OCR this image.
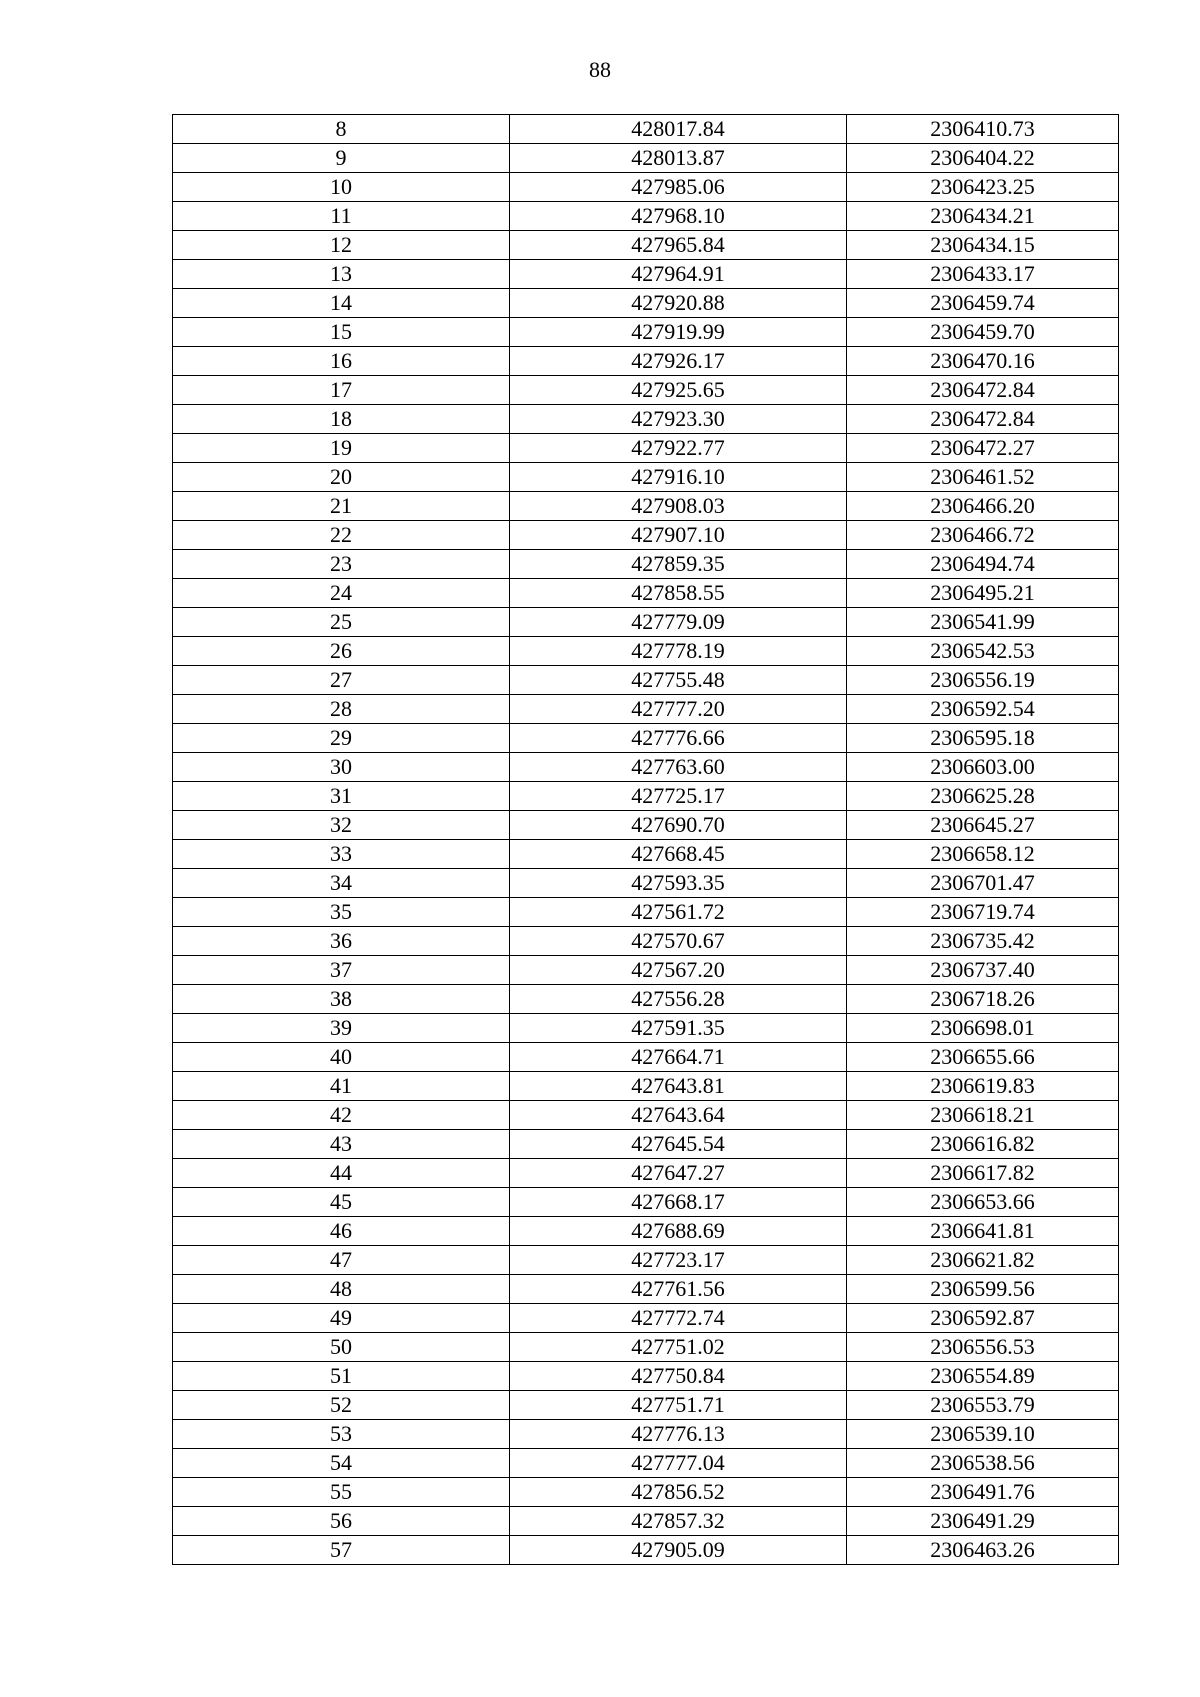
88
8	428017.84	2306410.73
9	428013.87	2306404.22
10	427985.06	2306423.25
11	427968.10	2306434.21
12	427965.84	2306434.15
13	427964.91	2306433.17
14	427920.88	2306459.74
15	427919.99	2306459.70
16	427926.17	2306470.16
17	427925.65	2306472.84
18	427923.30	2306472.84
19	427922.77	2306472.27
20	427916.10	2306461.52
21	427908.03	2306466.20
22	427907.10	2306466.72
23	427859.35	2306494.74
24	427858.55	2306495.21
25	427779.09	2306541.99
26	427778.19	2306542.53
27	427755.48	2306556.19
28	427777.20	2306592.54
29	427776.66	2306595.18
30	427763.60	2306603.00
31	427725.17	2306625.28
32	427690.70	2306645.27
33	427668.45	2306658.12
34	427593.35	2306701.47
35	427561.72	2306719.74
36	427570.67	2306735.42
37	427567.20	2306737.40
38	427556.28	2306718.26
39	427591.35	2306698.01
40	427664.71	2306655.66
41	427643.81	2306619.83
42	427643.64	2306618.21
43	427645.54	2306616.82
44	427647.27	2306617.82
45	427668.17	2306653.66
46	427688.69	2306641.81
47	427723.17	2306621.82
48	427761.56	2306599.56
49	427772.74	2306592.87
50	427751.02	2306556.53
51	427750.84	2306554.89
52	427751.71	2306553.79
53	427776.13	2306539.10
54	427777.04	2306538.56
55	427856.52	2306491.76
56	427857.32	2306491.29
57	427905.09	2306463.26
